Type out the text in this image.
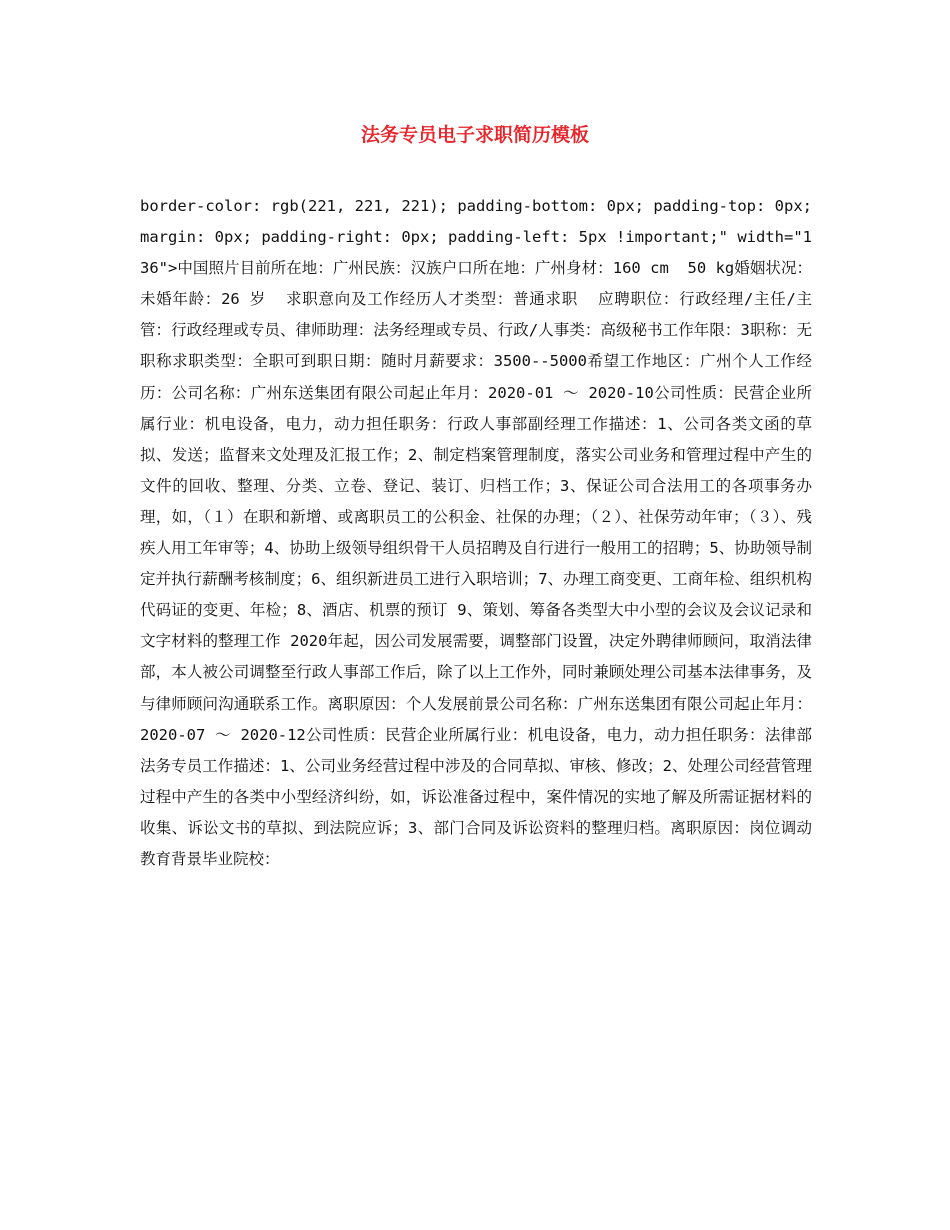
法务专员电子求职简历模板

border-color: rgb(221, 221, 221); padding-bottom: 0px; padding-top: 0px; margin: 0px; padding-right: 0px; padding-left: 5px !important;" width="136">中国照片目前所在地：广州民族：汉族户口所在地：广州身材：160 cm  50 kg婚姻状况：未婚年龄：26 岁  求职意向及工作经历人才类型：普通求职  应聘职位：行政经理/主任/主管：行政经理或专员、律师助理：法务经理或专员、行政/人事类：高级秘书工作年限：3职称：无职称求职类型：全职可到职日期：随时月薪要求：3500--5000希望工作地区：广州个人工作经历：公司名称：广州东送集团有限公司起止年月：2020-01 ～ 2020-10公司性质：民营企业所属行业：机电设备，电力，动力担任职务：行政人事部副经理工作描述：1、公司各类文函的草拟、发送；监督来文处理及汇报工作；2、制定档案管理制度，落实公司业务和管理过程中产生的文件的回收、整理、分类、立卷、登记、装订、归档工作；3、保证公司合法用工的各项事务办理，如，（１）在职和新增、或离职员工的公积金、社保的办理；（２）、社保劳动年审；（３）、残疾人用工年审等；4、协助上级领导组织骨干人员招聘及自行进行一般用工的招聘；5、协助领导制定并执行薪酬考核制度；6、组织新进员工进行入职培训；7、办理工商变更、工商年检、组织机构代码证的变更、年检；8、酒店、机票的预订 9、策划、筹备各类型大中小型的会议及会议记录和文字材料的整理工作 2020年起，因公司发展需要，调整部门设置，决定外聘律师顾问，取消法律部，本人被公司调整至行政人事部工作后，除了以上工作外，同时兼顾处理公司基本法律事务，及与律师顾问沟通联系工作。离职原因：个人发展前景公司名称：广州东送集团有限公司起止年月：2020-07 ～ 2020-12公司性质：民营企业所属行业：机电设备，电力，动力担任职务：法律部 法务专员工作描述：1、公司业务经营过程中涉及的合同草拟、审核、修改；2、处理公司经营管理过程中产生的各类中小型经济纠纷，如，诉讼准备过程中，案件情况的实地了解及所需证据材料的收集、诉讼文书的草拟、到法院应诉；3、部门合同及诉讼资料的整理归档。离职原因：岗位调动  教育背景毕业院校：
